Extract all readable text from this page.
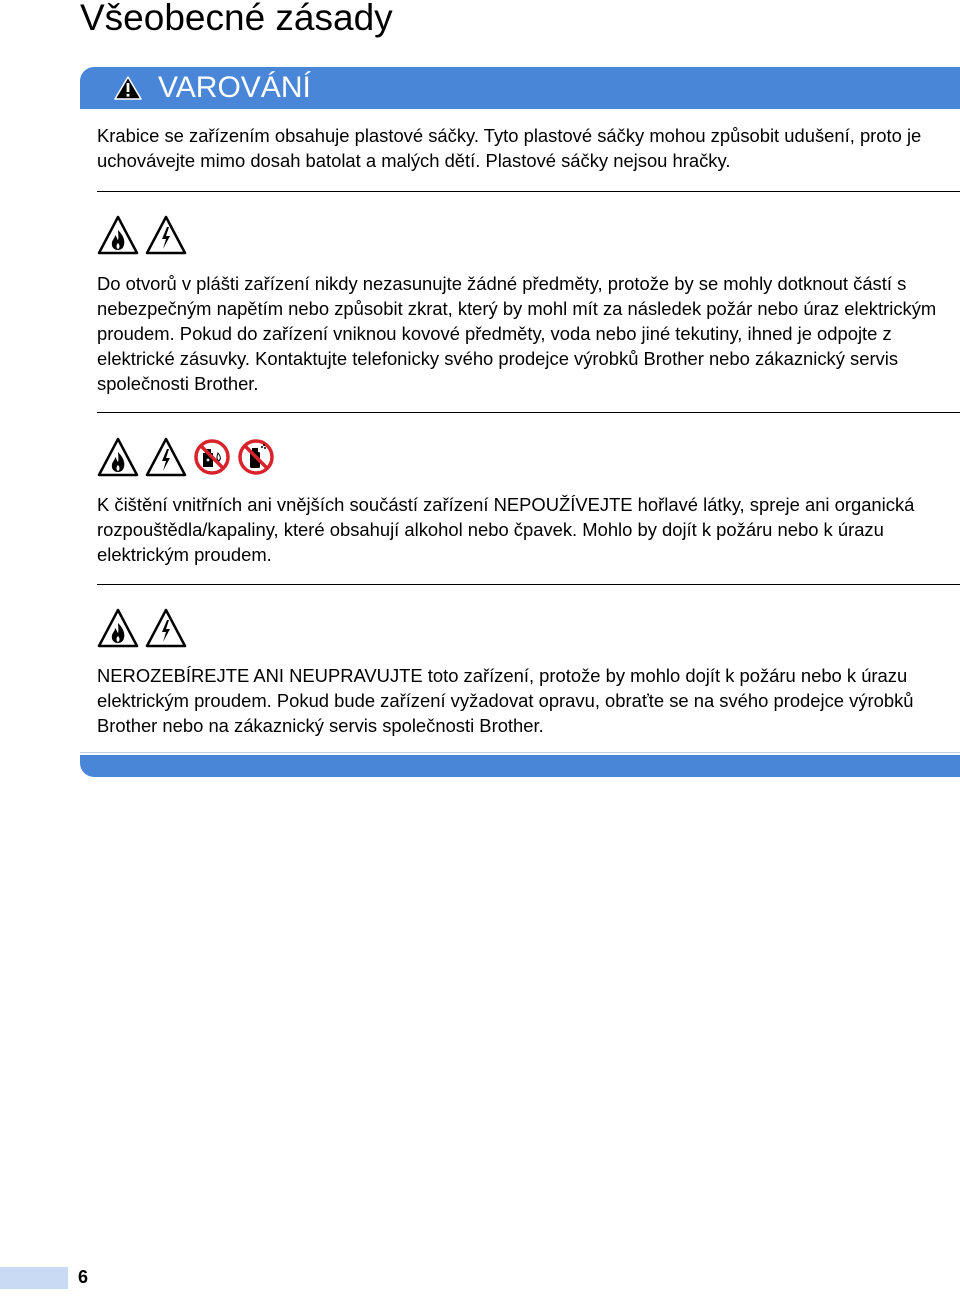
Všeobecné zásady
VAROVÁNÍ
Krabice se zařízením obsahuje plastové sáčky. Tyto plastové sáčky mohou způsobit udušení, proto je uchovávejte mimo dosah batolat a malých dětí. Plastové sáčky nejsou hračky.
Do otvorů v plášti zařízení nikdy nezasunujte žádné předměty, protože by se mohly dotknout částí s nebezpečným napětím nebo způsobit zkrat, který by mohl mít za následek požár nebo úraz elektrickým proudem. Pokud do zařízení vniknou kovové předměty, voda nebo jiné tekutiny, ihned je odpojte z elektrické zásuvky. Kontaktujte telefonicky svého prodejce výrobků Brother nebo zákaznický servis společnosti Brother.
K čištění vnitřních ani vnějších součástí zařízení NEPOUŽÍVEJTE hořlavé látky, spreje ani organická rozpouštědla/kapaliny, které obsahují alkohol nebo čpavek. Mohlo by dojít k požáru nebo k úrazu elektrickým proudem.
NEROZEBÍREJTE ANI NEUPRAVUJTE toto zařízení, protože by mohlo dojít k požáru nebo k úrazu elektrickým proudem. Pokud bude zařízení vyžadovat opravu, obraťte se na svého prodejce výrobků Brother nebo na zákaznický servis společnosti Brother.
6
